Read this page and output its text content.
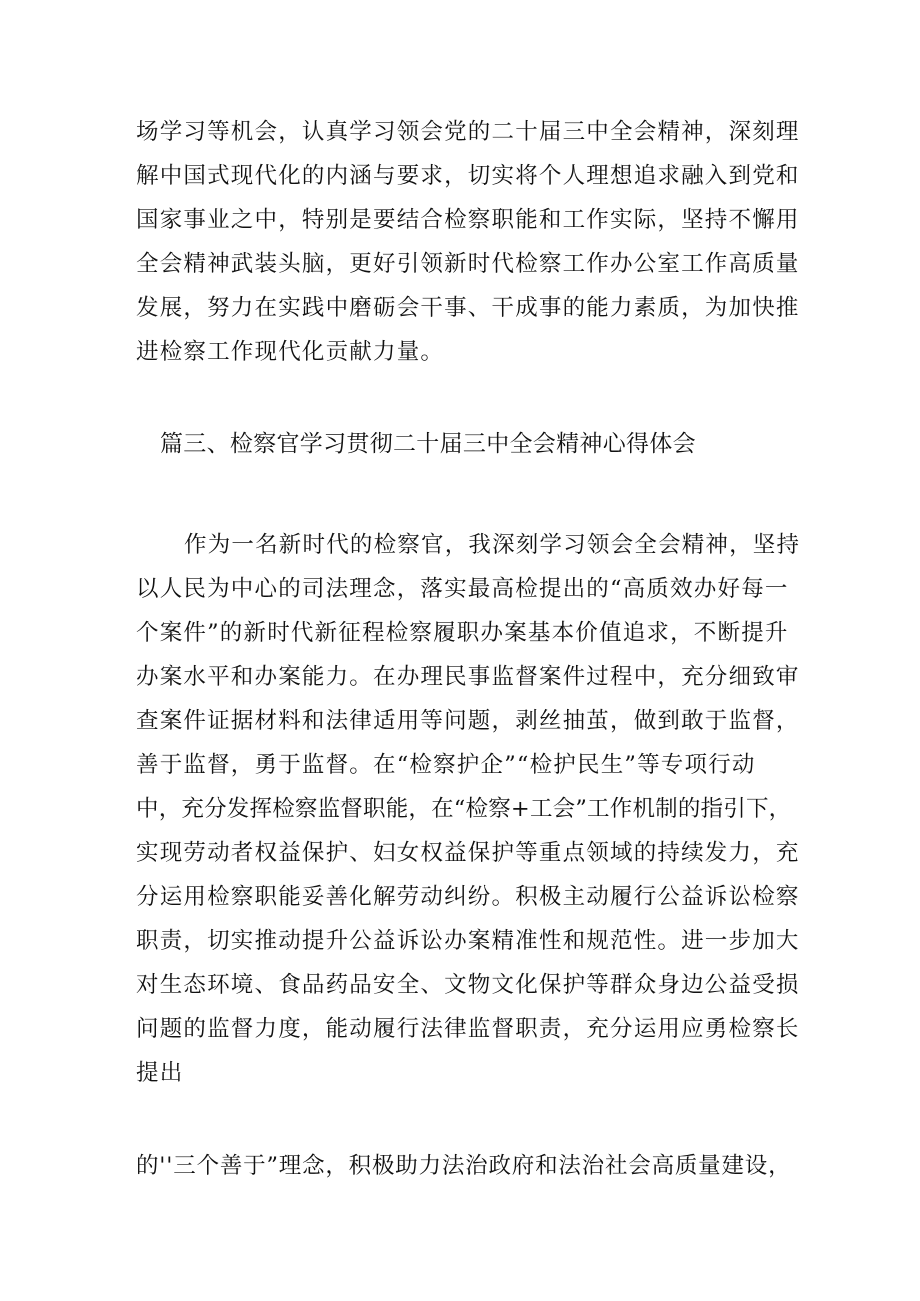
场学习等机会，认真学习领会党的二十届三中全会精神，深刻理
解中国式现代化的内涵与要求，切实将个人理想追求融入到党和
国家事业之中，特别是要结合检察职能和工作实际，坚持不懈用
全会精神武装头脑，更好引领新时代检察工作办公室工作高质量
发展，努力在实践中磨砺会干事、干成事的能力素质，为加快推
进检察工作现代化贡献力量。
篇三、检察官学习贯彻二十届三中全会精神心得体会
作为一名新时代的检察官，我深刻学习领会全会精神，坚持
以人民为中心的司法理念，落实最高检提出的“高质效办好每一
个案件”的新时代新征程检察履职办案基本价值追求，不断提升
办案水平和办案能力。在办理民事监督案件过程中，充分细致审
查案件证据材料和法律适用等问题，剥丝抽茧，做到敢于监督，
善于监督，勇于监督。在“检察护企”“检护民生”等专项行动
中，充分发挥检察监督职能，在“检察+工会”工作机制的指引下，
实现劳动者权益保护、妇女权益保护等重点领域的持续发力，充
分运用检察职能妥善化解劳动纠纷。积极主动履行公益诉讼检察
职责，切实推动提升公益诉讼办案精准性和规范性。进一步加大
对生态环境、食品药品安全、文物文化保护等群众身边公益受损
问题的监督力度，能动履行法律监督职责，充分运用应勇检察长
提出
的''三个善于”理念，积极助力法治政府和法治社会高质量建设，
